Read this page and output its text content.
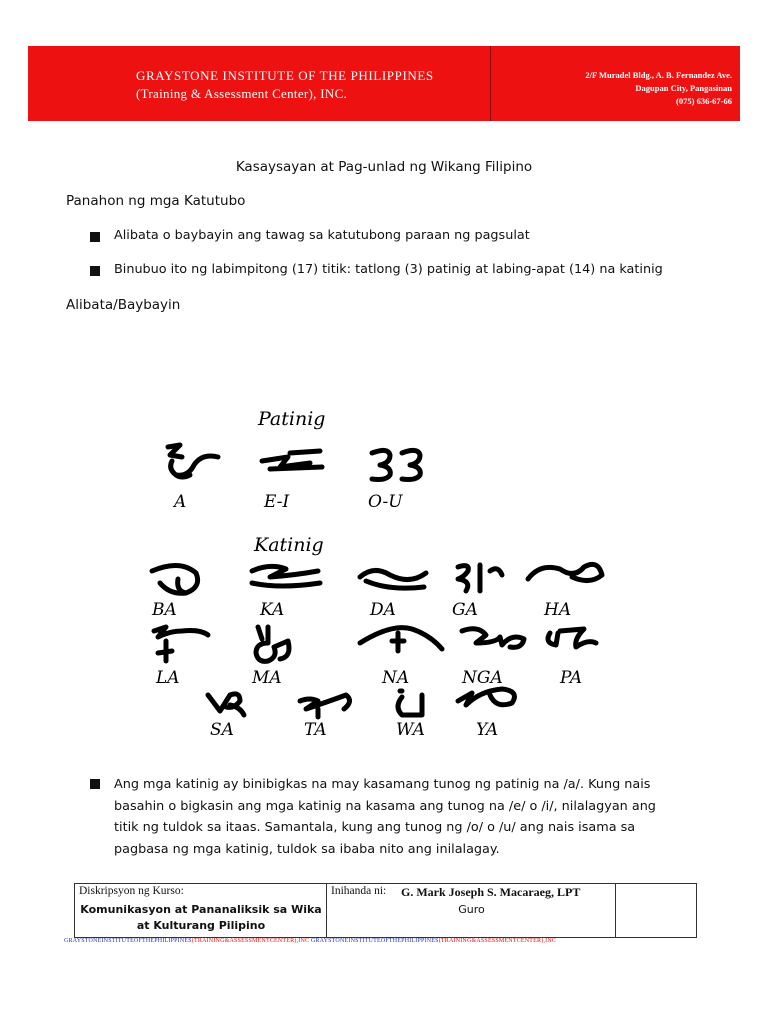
GRAYSTONE INSTITUTE OF THE PHILIPPINES
(Training & Assessment Center), INC.
2/F Muradel Bldg., A. B. Fernandez Ave.
Dagupan City, Pangasinan
(075) 636-67-66
Kasaysayan at Pag-unlad ng Wikang Filipino
Panahon ng mga Katutubo
Alibata o baybayin ang tawag sa katutubong paraan ng pagsulat
Binubuo ito ng labimpitong (17) titik: tatlong (3) patinig at labing-apat (14) na katinig
Alibata/Baybayin
Patinig
A	E-I	O-U
Katinig
BA	KA	DA	GA	HA
LA	MA	NA	NGA	PA
SA	TA	WA	YA
Ang mga katinig ay binibigkas na may kasamang tunog ng patinig na /a/. Kung nais
basahin o bigkasin ang mga katinig na kasama ang tunog na /e/ o /i/, nilalagyan ang
titik ng tuldok sa itaas. Samantala, kung ang tunog ng /o/ o /u/ ang nais isama sa
pagbasa ng mga katinig, tuldok sa ibaba nito ang inilalagay.
Diskripsyon ng Kurso:
Komunikasyon at Pananaliksik sa Wika
at Kulturang Pilipino
Inihanda ni: G. Mark Joseph S. Macaraeg, LPT
Guro
GRAYSTONEINSTITUTEOFTHEPHILIPPINES(TRAINING&ASSESSMENTCENTER),INC GRAYSTONEINSTITUTEOFTHEPHILIPPINES(TRAINING&ASSESSMENTCENTER),INC
